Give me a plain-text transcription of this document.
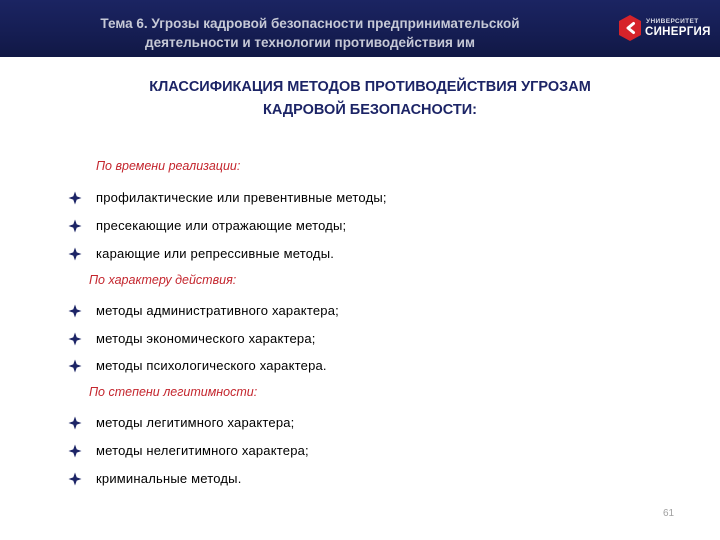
Тема 6. Угрозы кадровой безопасности предпринимательской
деятельности и технологии противодействия им
УНИВЕРСИТЕТ
СИНЕРГИЯ
КЛАССИФИКАЦИЯ МЕТОДОВ ПРОТИВОДЕЙСТВИЯ УГРОЗАМ
КАДРОВОЙ БЕЗОПАСНОСТИ:
По времени реализации:
профилактические или превентивные методы;
пресекающие или отражающие методы;
карающие или репрессивные методы.
По характеру действия:
методы административного характера;
методы экономического характера;
методы психологического характера.
По степени легитимности:
методы легитимного характера;
методы нелегитимного характера;
криминальные методы.
61
